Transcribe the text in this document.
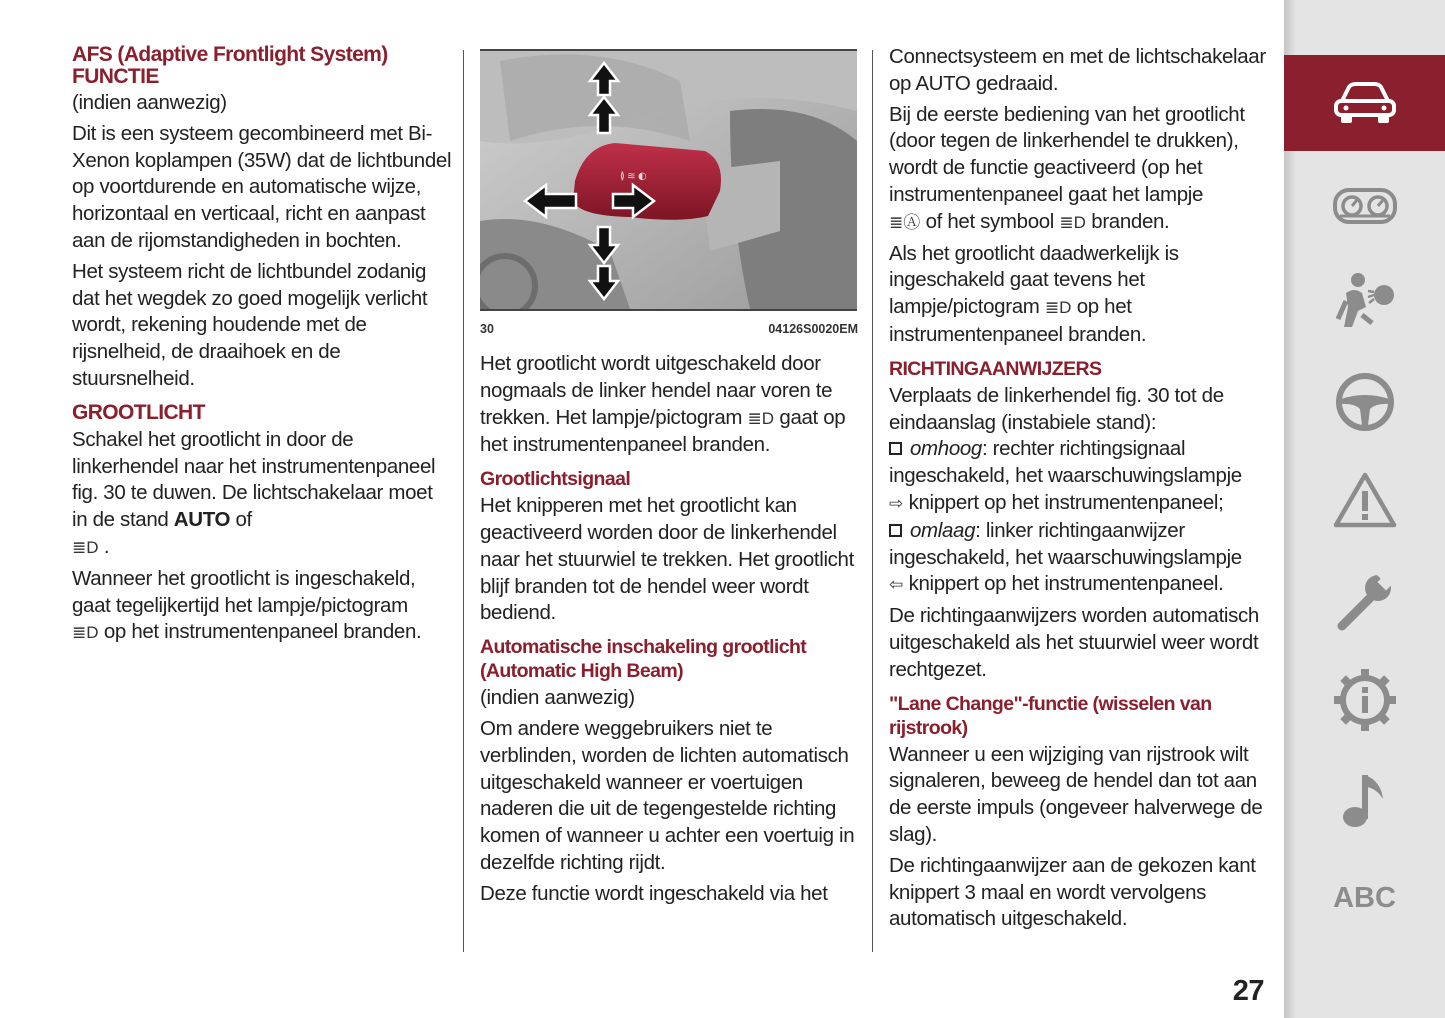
AFS (Adaptive Frontlight System) FUNCTIE

(indien aanwezig)

Dit is een systeem gecombineerd met Bi-Xenon koplampen (35W) dat de lichtbundel op voortdurende en automatische wijze, horizontaal en verticaal, richt en aanpast aan de rijomstandigheden in bochten.

Het systeem richt de lichtbundel zodanig dat het wegdek zo goed mogelijk verlicht wordt, rekening houdende met de rijsnelheid, de draaihoek en de stuursnelheid.

GROOTLICHT

Schakel het grootlicht in door de linkerhendel naar het instrumentenpaneel fig. 30 te duwen. De lichtschakelaar moet in de stand AUTO of
≣D .

Wanneer het grootlicht is ingeschakeld, gaat tegelijkertijd het lampje/pictogram
≣D op het instrumentenpaneel branden.

≬ ≋ ◐
30	04126S0020EM

Het grootlicht wordt uitgeschakeld door nogmaals de linker hendel naar voren te trekken. Het lampje/pictogram ≣D gaat op het instrumentenpaneel branden.

Grootlichtsignaal

Het knipperen met het grootlicht kan geactiveerd worden door de linkerhendel naar het stuurwiel te trekken. Het grootlicht blijf branden tot de hendel weer wordt bediend.

Automatische inschakeling grootlicht (Automatic High Beam)

(indien aanwezig)

Om andere weggebruikers niet te verblinden, worden de lichten automatisch uitgeschakeld wanneer er voertuigen naderen die uit de tegengestelde richting komen of wanneer u achter een voertuig in dezelfde richting rijdt.

Deze functie wordt ingeschakeld via het

Connectsysteem en met de lichtschakelaar op AUTO gedraaid.

Bij de eerste bediening van het grootlicht (door tegen de linkerhendel te drukken), wordt de functie geactiveerd (op het instrumentenpaneel gaat het lampje
≣Ⓐ of het symbool ≣D branden.

Als het grootlicht daadwerkelijk is ingeschakeld gaat tevens het lampje/pictogram ≣D op het instrumentenpaneel branden.

RICHTINGAANWIJZERS

Verplaats de linkerhendel fig. 30 tot de eindaanslag (instabiele stand):

omhoog: rechter richtingsignaal ingeschakeld, het waarschuwingslampje
⇨ knippert op het instrumentenpaneel;

omlaag: linker richtingaanwijzer ingeschakeld, het waarschuwingslampje
⇦ knippert op het instrumentenpaneel.

De richtingaanwijzers worden automatisch uitgeschakeld als het stuurwiel weer wordt rechtgezet.

"Lane Change"-functie (wisselen van rijstrook)

Wanneer u een wijziging van rijstrook wilt signaleren, beweeg de hendel dan tot aan de eerste impuls (ongeveer halverwege de slag).

De richtingaanwijzer aan de gekozen kant knippert 3 maal en wordt vervolgens automatisch uitgeschakeld.

ABC
27
